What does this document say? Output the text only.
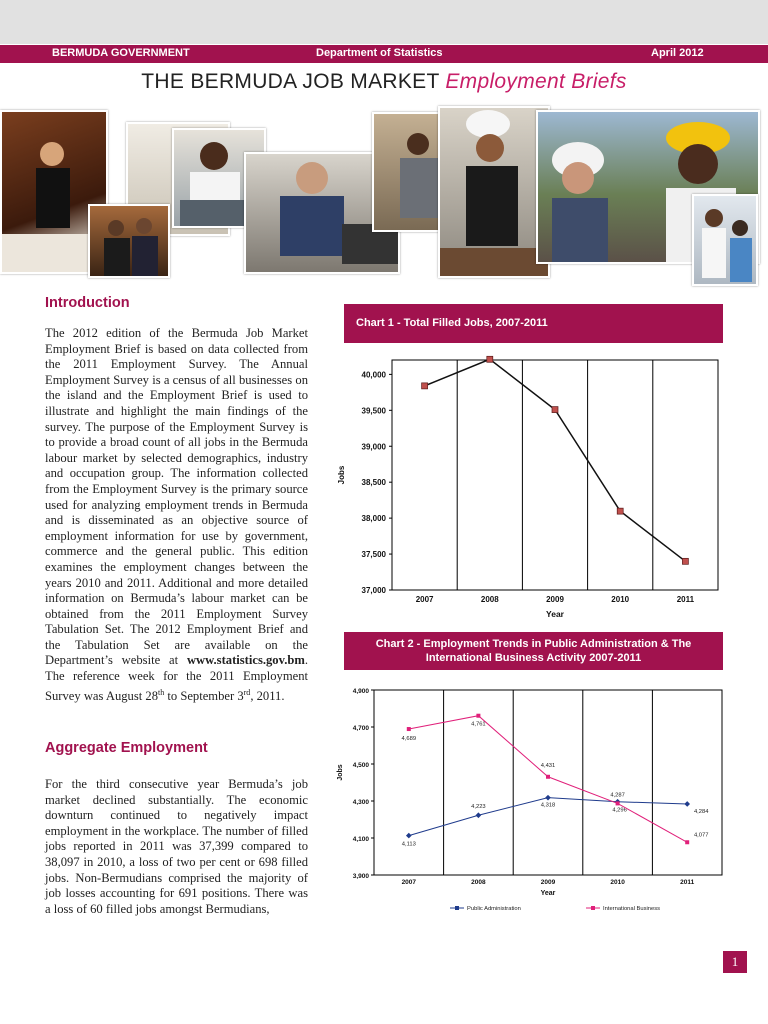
BERMUDA GOVERNMENT	Department of Statistics	April 2012
THE BERMUDA JOB MARKET Employment Briefs
Introduction
The 2012 edition of the Bermuda Job Market Employment Brief is based on data collected from the 2011 Employment Survey. The Annual Employment Survey is a census of all businesses on the island and the Employment Brief is used to illustrate and highlight the main findings of the survey. The purpose of the Employment Survey is to provide a broad count of all jobs in the Bermuda labour market by selected demographics, industry and occupation group. The information collected from the Employment Survey is the primary source used for analyzing employment trends in Bermuda and is disseminated as an objective source of employment information for use by government, commerce and the general public. This edition examines the employment changes between the years 2010 and 2011. Additional and more detailed information on Bermuda’s labour market can be obtained from the 2011 Employment Survey Tabulation Set. The 2012 Employment Brief and the Tabulation Set are available on the Department’s website at www.statistics.gov.bm. The reference week for the 2011 Employment Survey was August 28th to September 3rd, 2011.
Aggregate Employment
For the third consecutive year Bermuda’s job market declined substantially. The economic downturn continued to negatively impact employment in the workplace. The number of filled jobs reported in 2011 was 37,399 compared to 38,097 in 2010, a loss of two per cent or 698 filled jobs. Non-Bermudians comprised the majority of job losses accounting for 691 positions. There was a loss of 60 filled jobs amongst Bermudians,
Chart 1 - Total Filled Jobs, 2007-2011
37,000
37,500
38,000
38,500
39,000
39,500
40,000
2007	2008	2009	2010	2011
Year
Jobs
Chart 2 - Employment Trends in Public Administration & The
International Business Activity 2007-2011
3,900
4,100
4,300
4,500
4,700
4,900
2007	2008	2009	2010	2011
Year
Jobs
4,113
4,223	4,318
4,296	4,284
4,689
4,761
4,431
4,287
4,077
Public Administration	International Business
1
